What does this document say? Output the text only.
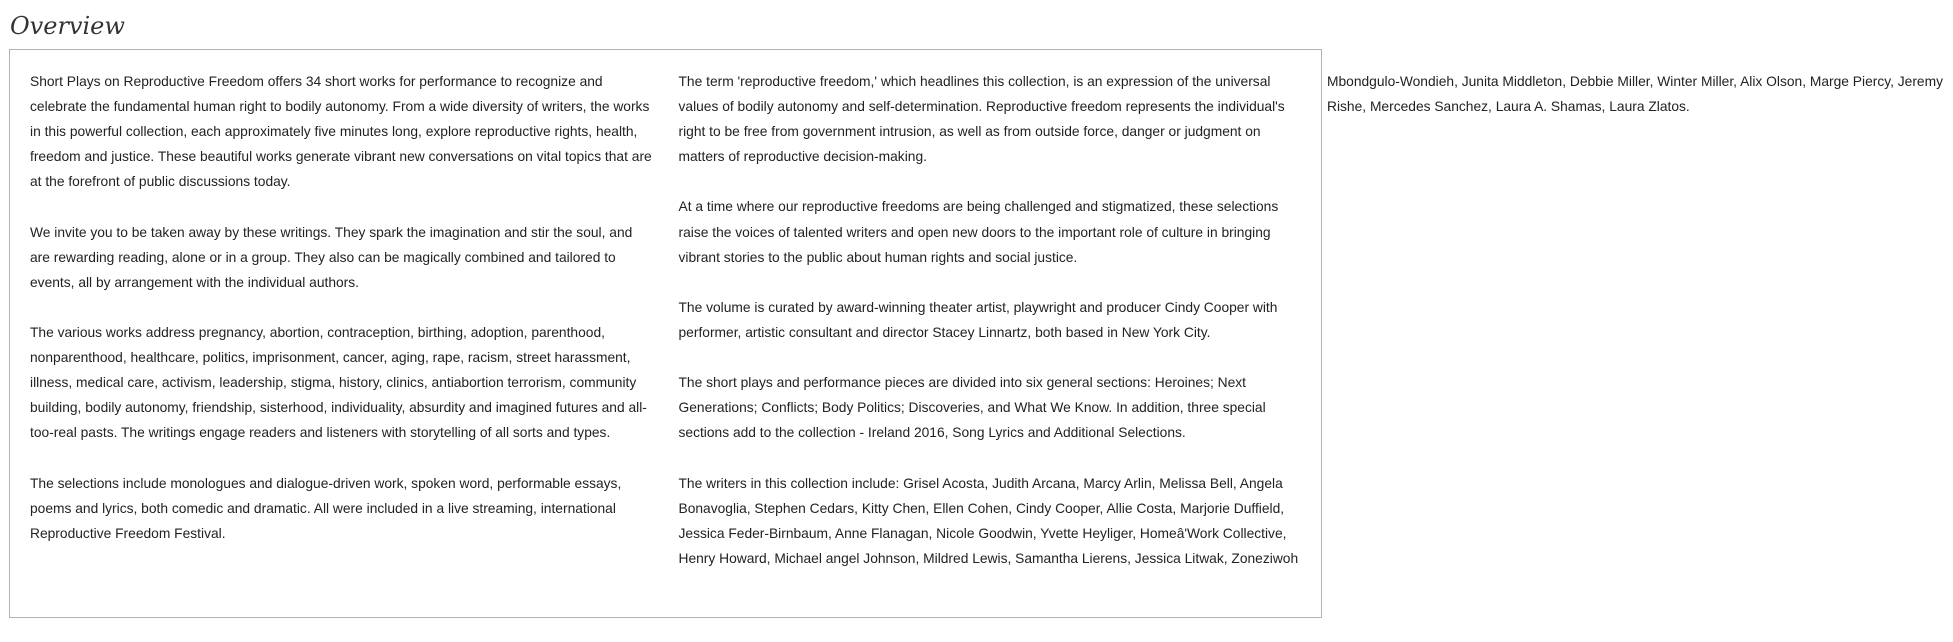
Overview

Short Plays on Reproductive Freedom offers 34 short works for performance to recognize and celebrate the fundamental human right to bodily autonomy. From a wide diversity of writers, the works in this powerful collection, each approximately five minutes long, explore reproductive rights, health, freedom and justice. These beautiful works generate vibrant new conversations on vital topics that are at the forefront of public discussions today.

We invite you to be taken away by these writings. They spark the imagination and stir the soul, and are rewarding reading, alone or in a group. They also can be magically combined and tailored to events, all by arrangement with the individual authors.

The various works address pregnancy, abortion, contraception, birthing, adoption, parenthood, nonparenthood, healthcare, politics, imprisonment, cancer, aging, rape, racism, street harassment, illness, medical care, activism, leadership, stigma, history, clinics, antiabortion terrorism, community building, bodily autonomy, friendship, sisterhood, individuality, absurdity and imagined futures and all-too-real pasts. The writings engage readers and listeners with storytelling of all sorts and types.

The selections include monologues and dialogue-driven work, spoken word, performable essays, poems and lyrics, both comedic and dramatic. All were included in a live streaming, international Reproductive Freedom Festival.

The term 'reproductive freedom,' which headlines this collection, is an expression of the universal values of bodily autonomy and self-determination. Reproductive freedom represents the individual's right to be free from government intrusion, as well as from outside force, danger or judgment on matters of reproductive decision-making.

At a time where our reproductive freedoms are being challenged and stigmatized, these selections raise the voices of talented writers and open new doors to the important role of culture in bringing vibrant stories to the public about human rights and social justice.

The volume is curated by award-winning theater artist, playwright and producer Cindy Cooper with performer, artistic consultant and director Stacey Linnartz, both based in New York City.

The short plays and performance pieces are divided into six general sections: Heroines; Next Generations; Conflicts; Body Politics; Discoveries, and What We Know. In addition, three special sections add to the collection - Ireland 2016, Song Lyrics and Additional Selections.

The writers in this collection include: Grisel Acosta, Judith Arcana, Marcy Arlin, Melissa Bell, Angela Bonavoglia, Stephen Cedars, Kitty Chen, Ellen Cohen, Cindy Cooper, Allie Costa, Marjorie Duffield, Jessica Feder-Birnbaum, Anne Flanagan, Nicole Goodwin, Yvette Heyliger, Homeâ'Work Collective, Henry Howard, Michael angel Johnson, Mildred Lewis, Samantha Lierens, Jessica Litwak, Zoneziwoh Mbondgulo-Wondieh, Junita Middleton, Debbie Miller, Winter Miller, Alix Olson, Marge Piercy, Jeremy Rishe, Mercedes Sanchez, Laura A. Shamas, Laura Zlatos.
